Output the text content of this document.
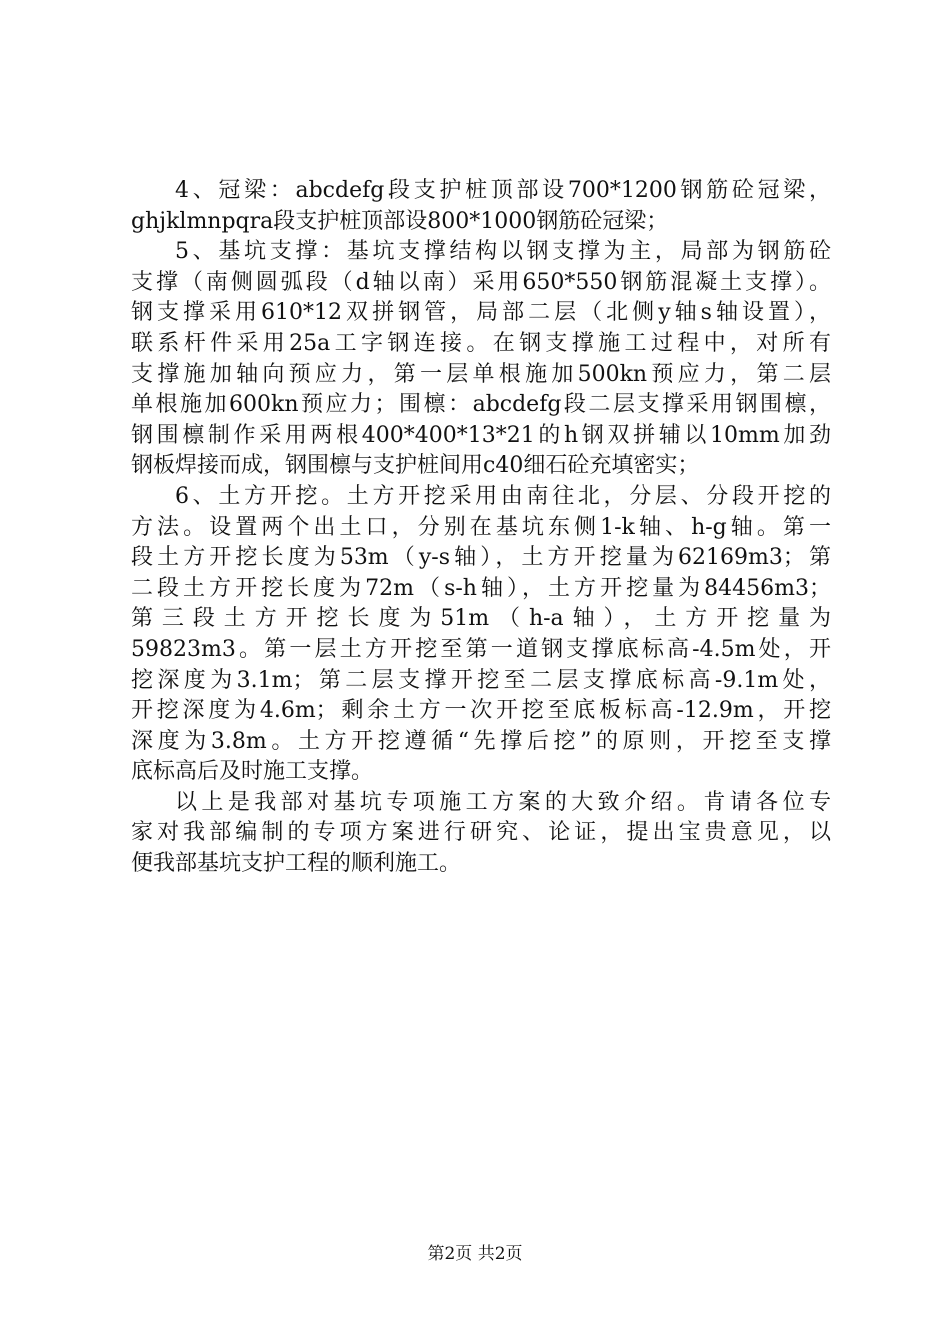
4、冠梁：abcdefg段支护桩顶部设700*1200钢筋砼冠梁，
ghjklmnpqra段支护桩顶部设800*1000钢筋砼冠梁；
5、基坑支撑：基坑支撑结构以钢支撑为主，局部为钢筋砼
支撑（南侧圆弧段（d轴以南）采用650*550钢筋混凝土支撑）。
钢支撑采用610*12双拼钢管，局部二层（北侧y轴s轴设置），
联系杆件采用25a工字钢连接。在钢支撑施工过程中，对所有
支撑施加轴向预应力，第一层单根施加500kn预应力，第二层
单根施加600kn预应力；围檩：abcdefg段二层支撑采用钢围檩，
钢围檩制作采用两根400*400*13*21的h钢双拼辅以10mm加劲
钢板焊接而成，钢围檩与支护桩间用c40细石砼充填密实；
6、土方开挖。土方开挖采用由南往北，分层、分段开挖的
方法。设置两个出土口，分别在基坑东侧1-k轴、h-g轴。第一
段土方开挖长度为53m（y-s轴），土方开挖量为62169m3；第
二段土方开挖长度为72m（s-h轴），土方开挖量为84456m3；
第三段土方开挖长度为51m（h-a轴），土方开挖量为
59823m3。第一层土方开挖至第一道钢支撑底标高-4.5m处，开
挖深度为3.1m；第二层支撑开挖至二层支撑底标高-9.1m处，
开挖深度为4.6m；剩余土方一次开挖至底板标高-12.9m，开挖
深度为3.8m。土方开挖遵循“先撑后挖”的原则，开挖至支撑
底标高后及时施工支撑。
以上是我部对基坑专项施工方案的大致介绍。肯请各位专
家对我部编制的专项方案进行研究、论证，提出宝贵意见，以
便我部基坑支护工程的顺利施工。
第2页 共2页
